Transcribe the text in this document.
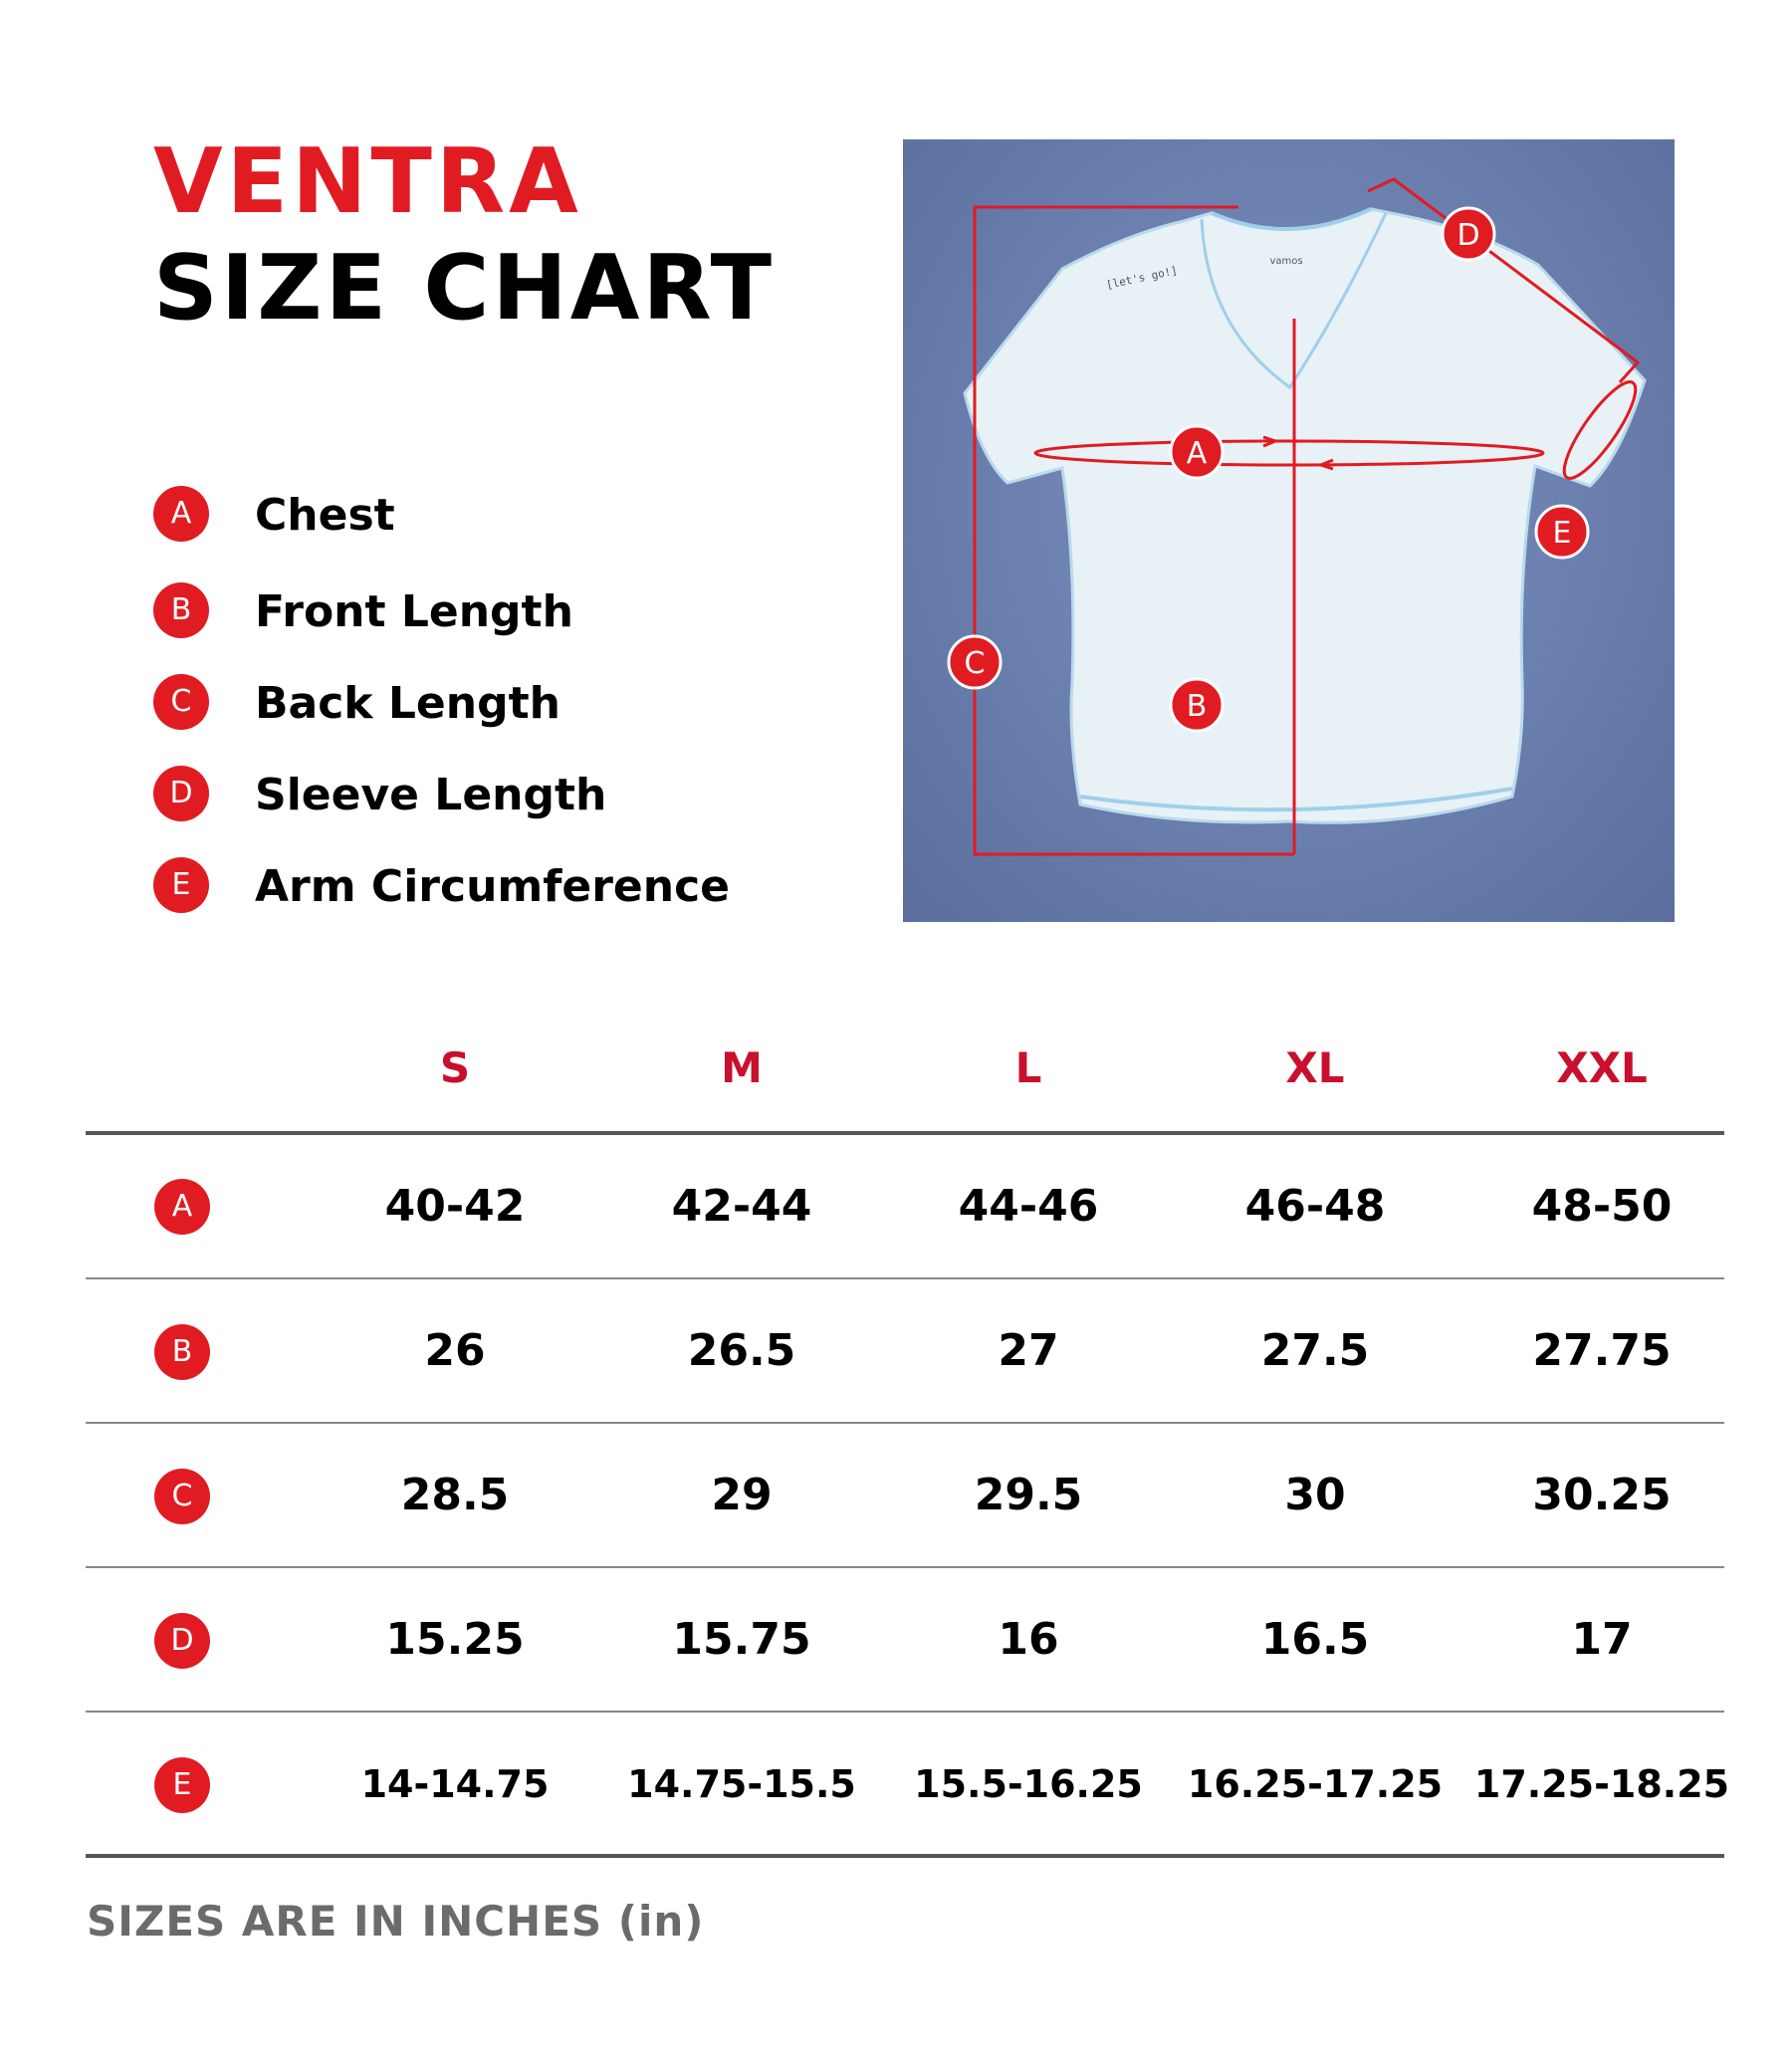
VENTRA
SIZE CHART
A	Chest
B	Front Length
C	Back Length
D	Sleeve Length
E	Arm Circumference
[let's go!]
vamos
A
B
C
D
E
S	M	L	XL	XXL
A	40-42	42-44	44-46	46-48	48-50
B	26	26.5	27	27.5	27.75
C	28.5	29	29.5	30	30.25
D	15.25	15.75	16	16.5	17
E	14-14.75	14.75-15.5	15.5-16.25	16.25-17.25 17.25-18.25
SIZES ARE IN INCHES (in)
